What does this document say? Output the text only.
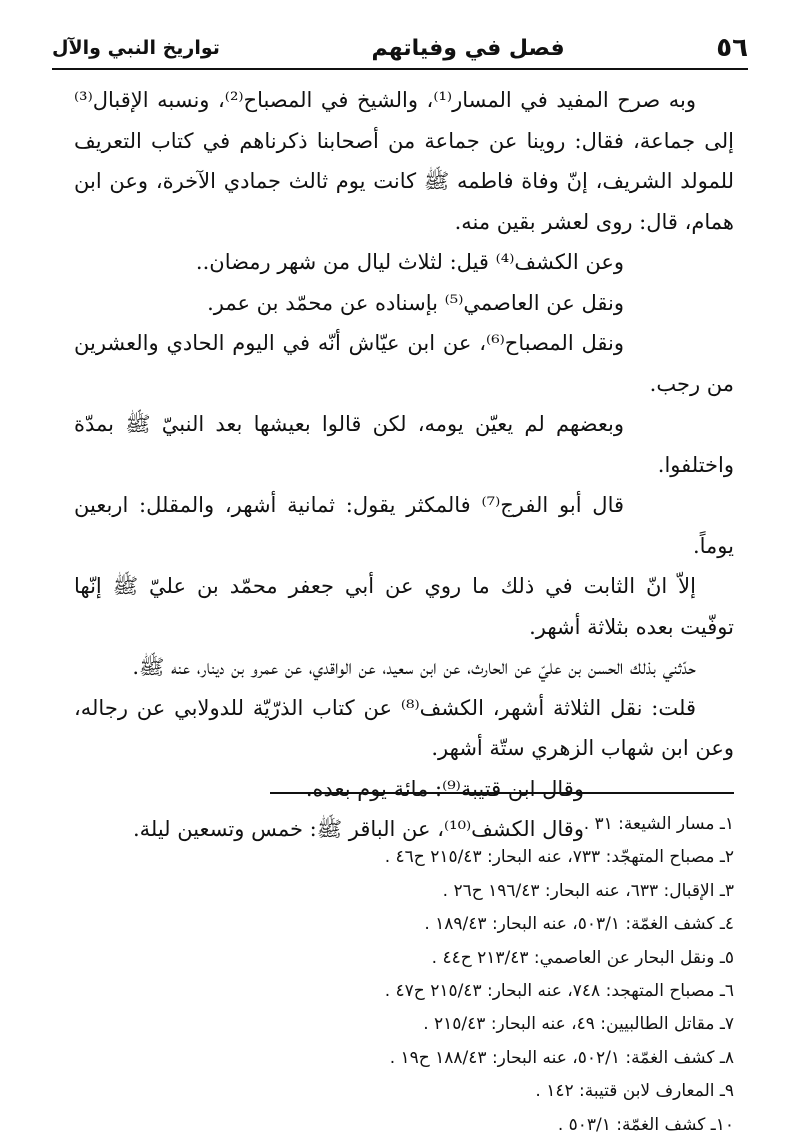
٥٦
فصل في وفياتهم
تواريخ النبي والآل

وبه صرح المفيد في المسار⁽¹⁾، والشيخ في المصباح⁽²⁾، ونسبه الإقبال⁽³⁾ إلى جماعة، فقال: روينا عن جماعة من أصحابنا ذكرناهم في كتاب التعريف للمولد الشريف، إنّ وفاة فاطمه ﷺ كانت يوم ثالث جمادي الآخرة، وعن ابن همام، قال: روى لعشر بقين منه.

وعن الكشف⁽⁴⁾ قيل: لثلاث ليال من شهر رمضان..

ونقل عن العاصمي⁽⁵⁾ بإسناده عن محمّد بن عمر.

ونقل المصباح⁽⁶⁾، عن ابن عيّاش أنّه في اليوم الحادي والعشرين من رجب.

وبعضهم لم يعيّن يومه، لكن قالوا بعيشها بعد النبيّ ﷺ بمدّة واختلفوا.

قال أبو الفرج⁽⁷⁾ فالمكثر يقول: ثمانية أشهر، والمقلل: اربعين يوماً.

إلاّ انّ الثابت في ذلك ما روي عن أبي جعفر محمّد بن عليّ ﷺ إنّها توفّيت بعده بثلاثة أشهر.

حدّثني بذلك الحسن بن عليّ عن الحارث، عن ابن سعيد، عن الواقدي، عن عمرو بن دينار، عنه ﷺ.

قلت: نقل الثلاثة أشهر، الكشف⁽⁸⁾ عن كتاب الذرّيّة للدولابي عن رجاله، وعن ابن شهاب الزهري ستّة أشهر.

وقال ابن قتيبة⁽⁹⁾: مائة يوم بعده.

وقال الكشف⁽¹⁰⁾، عن الباقر ﷺ: خمس وتسعين ليلة. ١ـ مسار الشيعة: ٣١ .
٢ـ مصباح المتهجّد: ٧٣٣، عنه البحار: ٢١٥/٤٣ ح٤٦ .
٣ـ الإقبال: ٦٣٣، عنه البحار: ١٩٦/٤٣ ح٢٦ .
٤ـ كشف الغمّة: ٥٠٣/١، عنه البحار: ١٨٩/٤٣ .
٥ـ ونقل البحار عن العاصمي: ٢١٣/٤٣ ح٤٤ .
٦ـ مصباح المتهجد: ٧٤٨، عنه البحار: ٢١٥/٤٣ ح٤٧ .
٧ـ مقاتل الطالبيين: ٤٩، عنه البحار: ٢١٥/٤٣ .
٨ـ كشف الغمّة: ٥٠٢/١، عنه البحار: ١٨٨/٤٣ ح١٩ .
٩ـ المعارف لابن قتيبة: ١٤٢ .
١٠ـ كشف الغمّة: ٥٠٣/١ .
